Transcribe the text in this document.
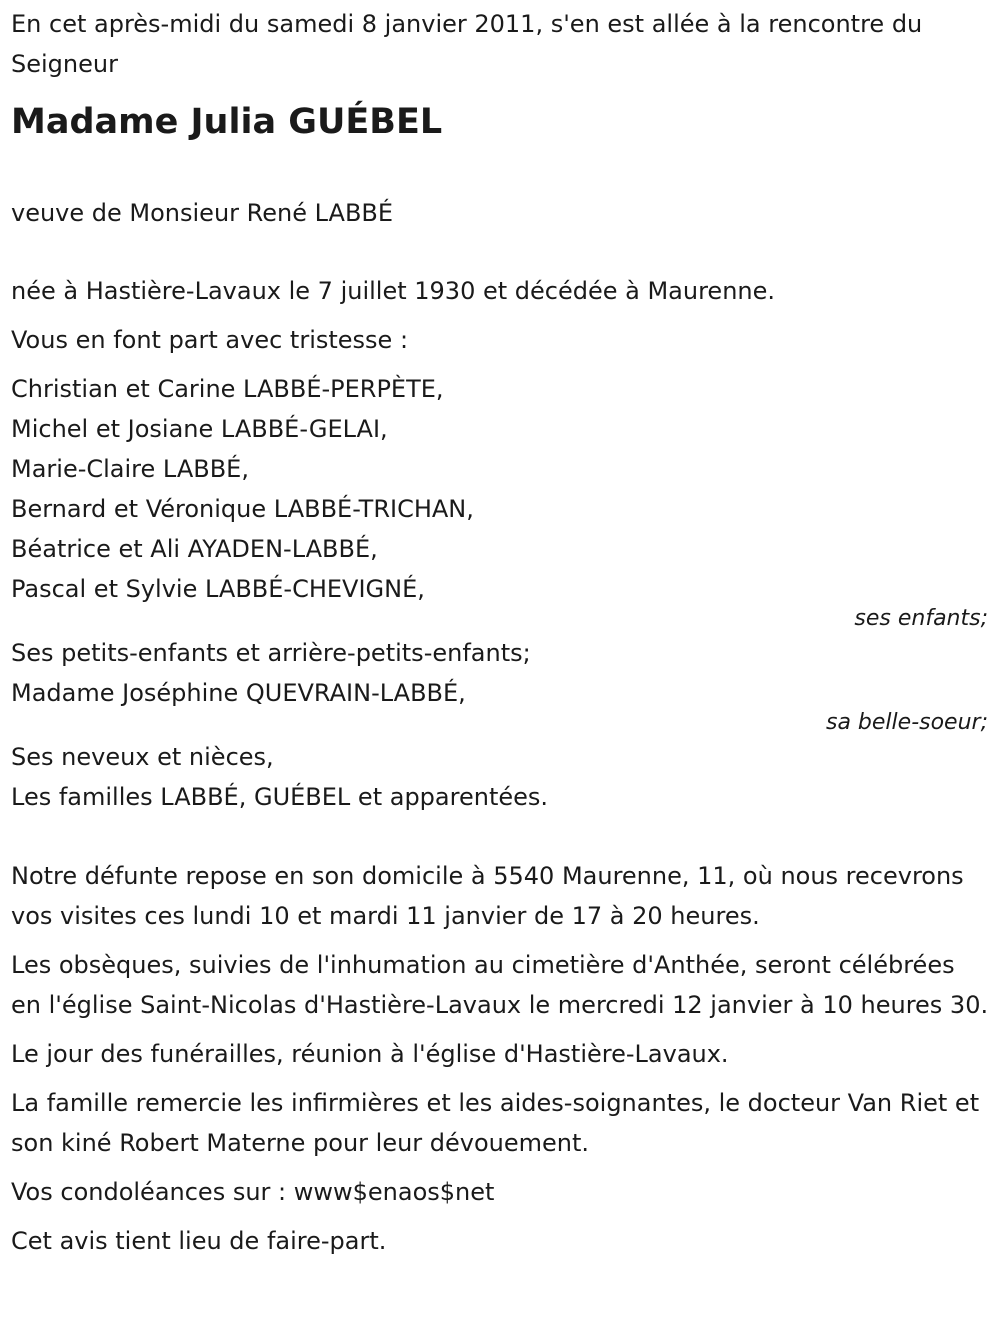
En cet après-midi du samedi 8 janvier 2011, s'en est allée à la rencontre du Seigneur

Madame Julia GUÉBEL

veuve de Monsieur René LABBÉ

née à Hastière-Lavaux le 7 juillet 1930 et décédée à Maurenne.

Vous en font part avec tristesse :

Christian et Carine LABBÉ-PERPÈTE,

Michel et Josiane LABBÉ-GELAI,

Marie-Claire LABBÉ,

Bernard et Véronique LABBÉ-TRICHAN,

Béatrice et Ali AYADEN-LABBÉ,

Pascal et Sylvie LABBÉ-CHEVIGNÉ,

ses enfants;

Ses petits-enfants et arrière-petits-enfants;

Madame Joséphine QUEVRAIN-LABBÉ,

sa belle-soeur;

Ses neveux et nièces,

Les familles LABBÉ, GUÉBEL et apparentées.

Notre défunte repose en son domicile à 5540 Maurenne, 11, où nous recevrons vos visites ces lundi 10 et mardi 11 janvier de 17 à 20 heures.

Les obsèques, suivies de l'inhumation au cimetière d'Anthée, seront célébrées en l'église Saint-Nicolas d'Hastière-Lavaux le mercredi 12 janvier à 10 heures 30.

Le jour des funérailles, réunion à l'église d'Hastière-Lavaux.

La famille remercie les infirmières et les aides-soignantes, le docteur Van Riet et son kiné Robert Materne pour leur dévouement.

Vos condoléances sur : www$enaos$net

Cet avis tient lieu de faire-part.
